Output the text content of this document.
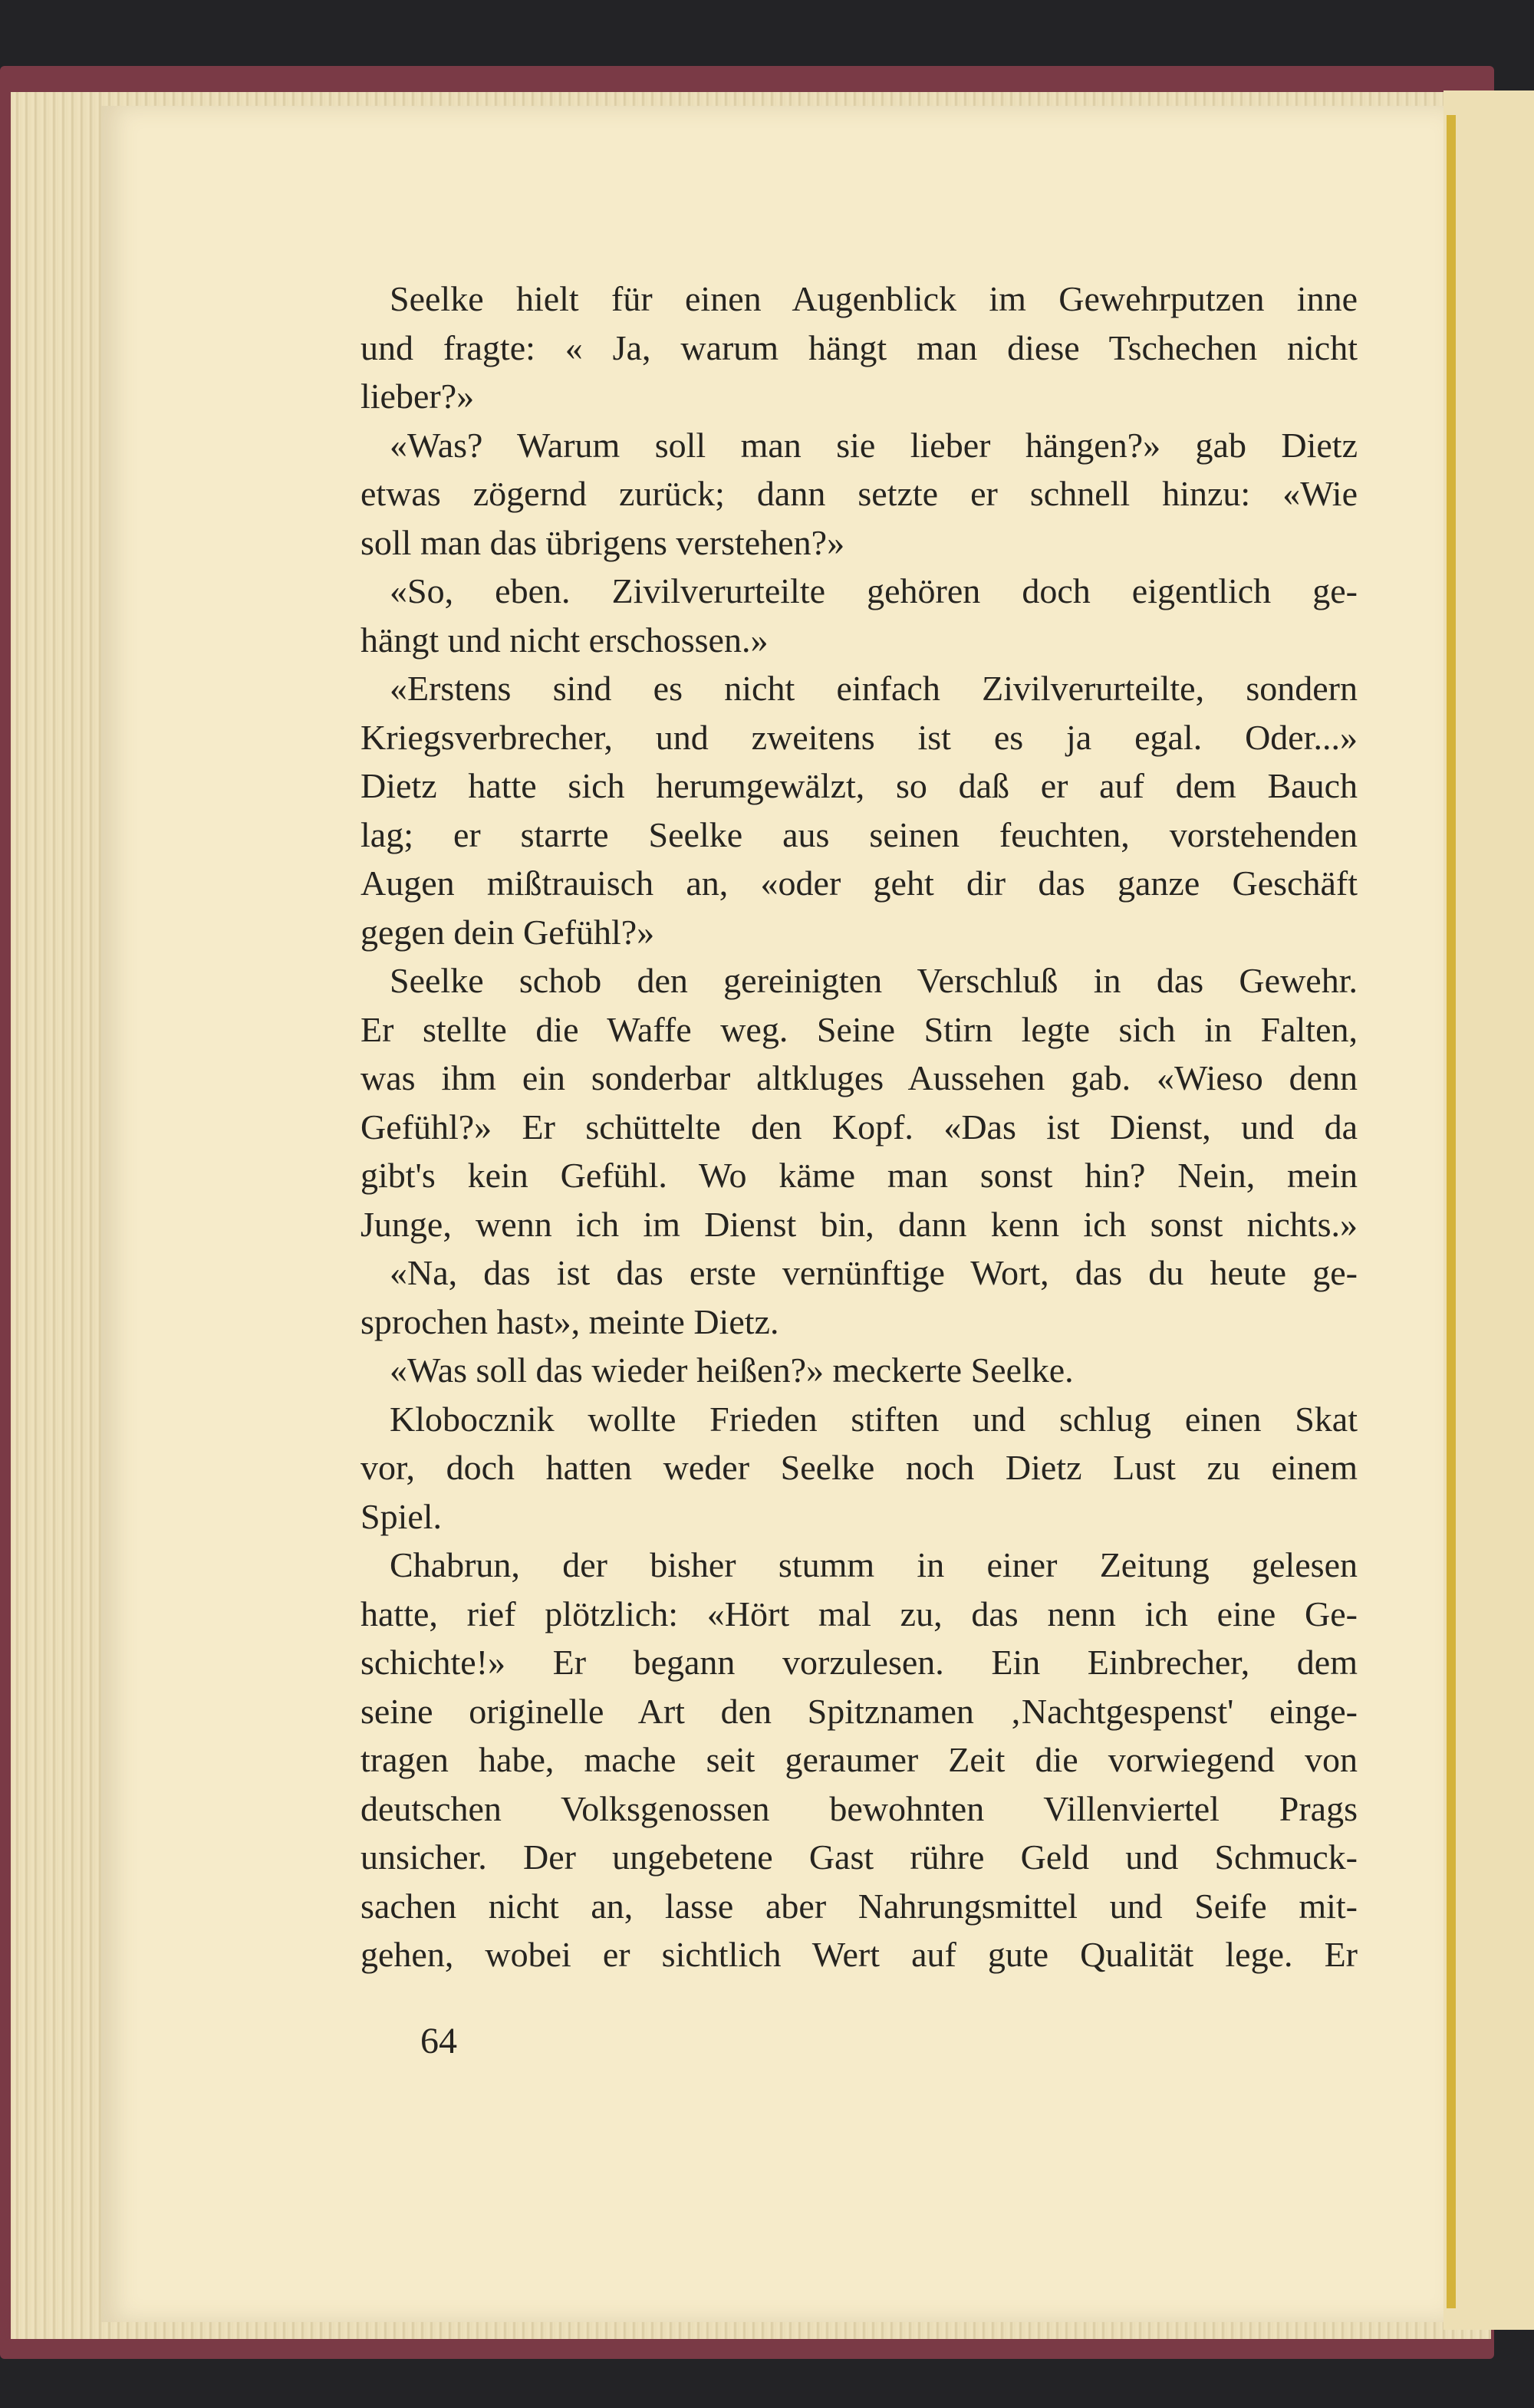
Seelke hielt für einen Augenblick im Gewehrputzen inne
und fragte: « Ja, warum hängt man diese Tschechen nicht
lieber?»
«Was? Warum soll man sie lieber hängen?» gab Dietz
etwas zögernd zurück; dann setzte er schnell hinzu: «Wie
soll man das übrigens verstehen?»
«So, eben. Zivilverurteilte gehören doch eigentlich ge-
hängt und nicht erschossen.»
«Erstens sind es nicht einfach Zivilverurteilte, sondern
Kriegsverbrecher, und zweitens ist es ja egal. Oder...»
Dietz hatte sich herumgewälzt, so daß er auf dem Bauch
lag; er starrte Seelke aus seinen feuchten, vorstehenden
Augen mißtrauisch an, «oder geht dir das ganze Geschäft
gegen dein Gefühl?»
Seelke schob den gereinigten Verschluß in das Gewehr.
Er stellte die Waffe weg. Seine Stirn legte sich in Falten,
was ihm ein sonderbar altkluges Aussehen gab. «Wieso denn
Gefühl?» Er schüttelte den Kopf. «Das ist Dienst, und da
gibt's kein Gefühl. Wo käme man sonst hin? Nein, mein
Junge, wenn ich im Dienst bin, dann kenn ich sonst nichts.»
«Na, das ist das erste vernünftige Wort, das du heute ge-
sprochen hast», meinte Dietz.
«Was soll das wieder heißen?» meckerte Seelke.
Klobocznik wollte Frieden stiften und schlug einen Skat
vor, doch hatten weder Seelke noch Dietz Lust zu einem
Spiel.
Chabrun, der bisher stumm in einer Zeitung gelesen
hatte, rief plötzlich: «Hört mal zu, das nenn ich eine Ge-
schichte!» Er begann vorzulesen. Ein Einbrecher, dem
seine originelle Art den Spitznamen ‚Nachtgespenst' einge-
tragen habe, mache seit geraumer Zeit die vorwiegend von
deutschen Volksgenossen bewohnten Villenviertel Prags
unsicher. Der ungebetene Gast rühre Geld und Schmuck-
sachen nicht an, lasse aber Nahrungsmittel und Seife mit-
gehen, wobei er sichtlich Wert auf gute Qualität lege. Er
64
